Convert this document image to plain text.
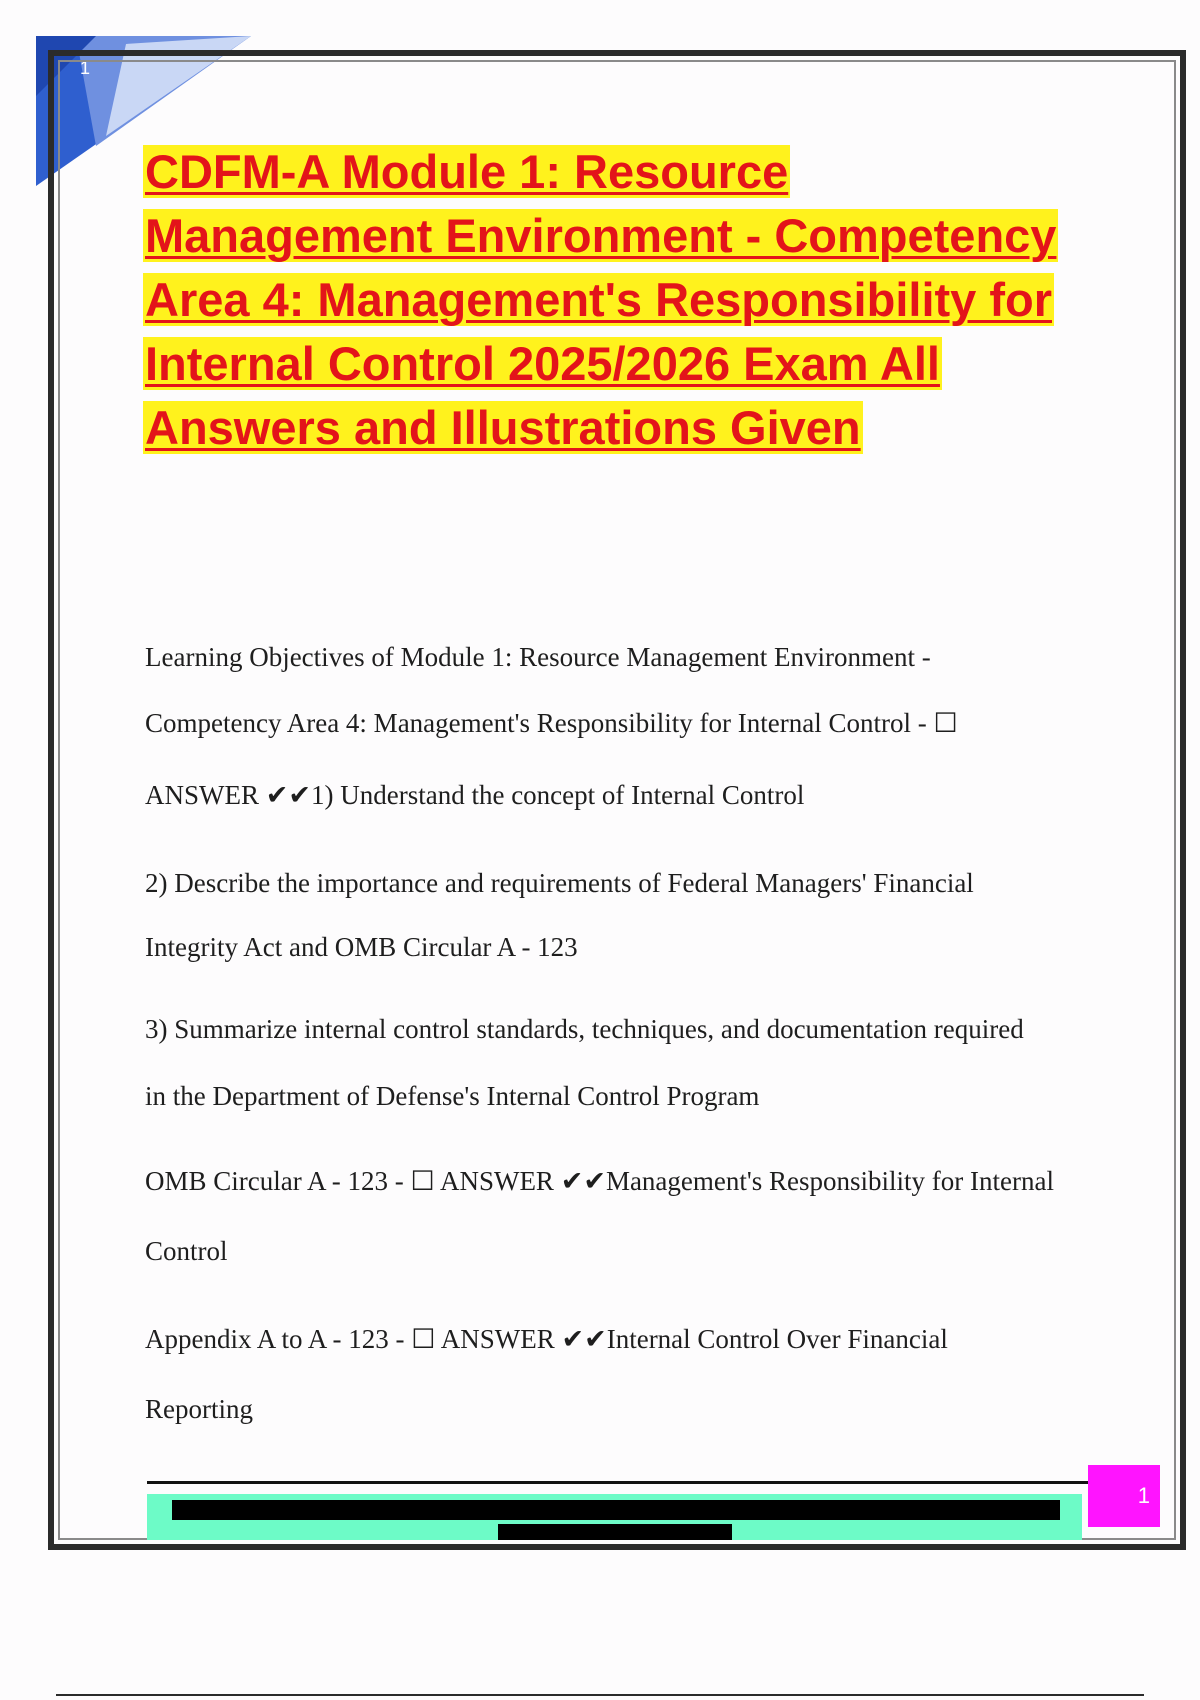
1
CDFM-A Module 1: Resource
Management Environment - Competency
Area 4: Management's Responsibility for
Internal Control 2025/2026 Exam All
Answers and Illustrations Given
Learning Objectives of Module 1: Resource Management Environment -
Competency Area 4: Management's Responsibility for Internal Control - ☐
ANSWER ✔✔1) Understand the concept of Internal Control
2) Describe the importance and requirements of Federal Managers' Financial
Integrity Act and OMB Circular A - 123
3) Summarize internal control standards, techniques, and documentation required
in the Department of Defense's Internal Control Program
OMB Circular A - 123 - ☐ ANSWER ✔✔Management's Responsibility for Internal
Control
Appendix A to A - 123 - ☐ ANSWER ✔✔Internal Control Over Financial
Reporting
1
